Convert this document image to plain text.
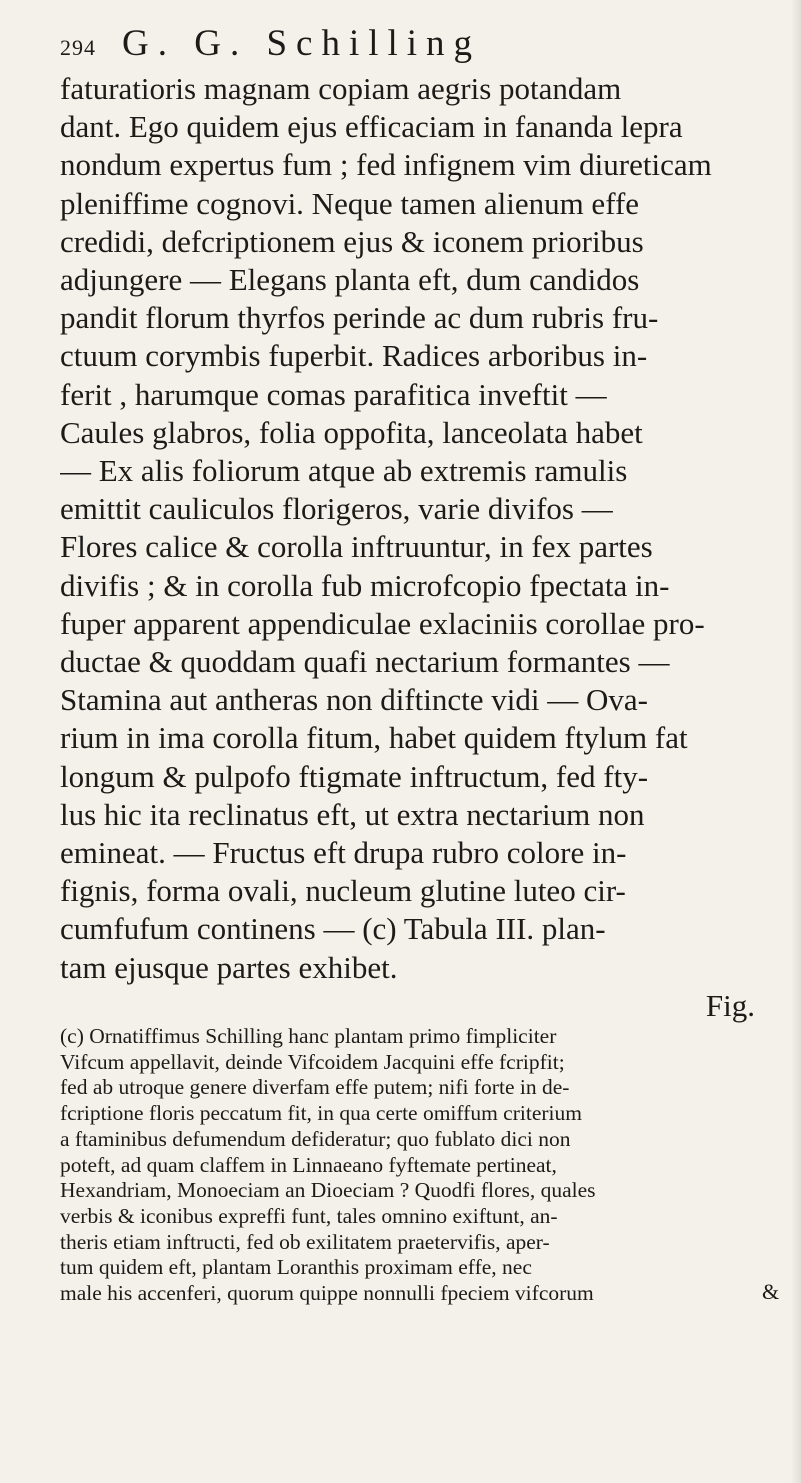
294 G. G. Schilling
faturatioris magnam copiam aegris potandam
dant. Ego quidem ejus efficaciam in fananda lepra
nondum expertus fum ; fed infignem vim diureticam
pleniffime cognovi. Neque tamen alienum effe
credidi, defcriptionem ejus & iconem prioribus
adjungere — Elegans planta eft, dum candidos
pandit florum thyrfos perinde ac dum rubris fru-
ctuum corymbis fuperbit. Radices arboribus in-
ferit , harumque comas parafitica inveftit —
Caules glabros, folia oppofita, lanceolata habet
— Ex alis foliorum atque ab extremis ramulis
emittit cauliculos florigeros, varie divifos —
Flores calice & corolla inftruuntur, in fex partes
divifis ; & in corolla fub microfcopio fpectata in-
fuper apparent appendiculae exlaciniis corollae pro-
ductae & quoddam quafi nectarium formantes —
Stamina aut antheras non diftincte vidi — Ova-
rium in ima corolla fitum, habet quidem ftylum fat
longum & pulpofo ftigmate inftructum, fed fty-
lus hic ita reclinatus eft, ut extra nectarium non
emineat. — Fructus eft drupa rubro colore in-
fignis, forma ovali, nucleum glutine luteo cir-
cumfufum continens — (c) Tabula III. plan-
tam ejusque partes exhibet.
Fig.
(c) Ornatiffimus Schilling hanc plantam primo fimpliciter
Vifcum appellavit, deinde Vifcoidem Jacquini effe fcripfit;
fed ab utroque genere diverfam effe putem; nifi forte in de-
fcriptione floris peccatum fit, in qua certe omiffum criterium
a ftaminibus defumendum defideratur; quo fublato dici non
poteft, ad quam claffem in Linnaeano fyftemate pertineat,
Hexandriam, Monoeciam an Dioeciam ? Quodfi flores, quales
verbis & iconibus expreffi funt, tales omnino exiftunt, an-
theris etiam inftructi, fed ob exilitatem praetervifis, aper-
tum quidem eft, plantam Loranthis proximam effe, nec
male his accenferi, quorum quippe nonnulli fpeciem vifcorum	&
